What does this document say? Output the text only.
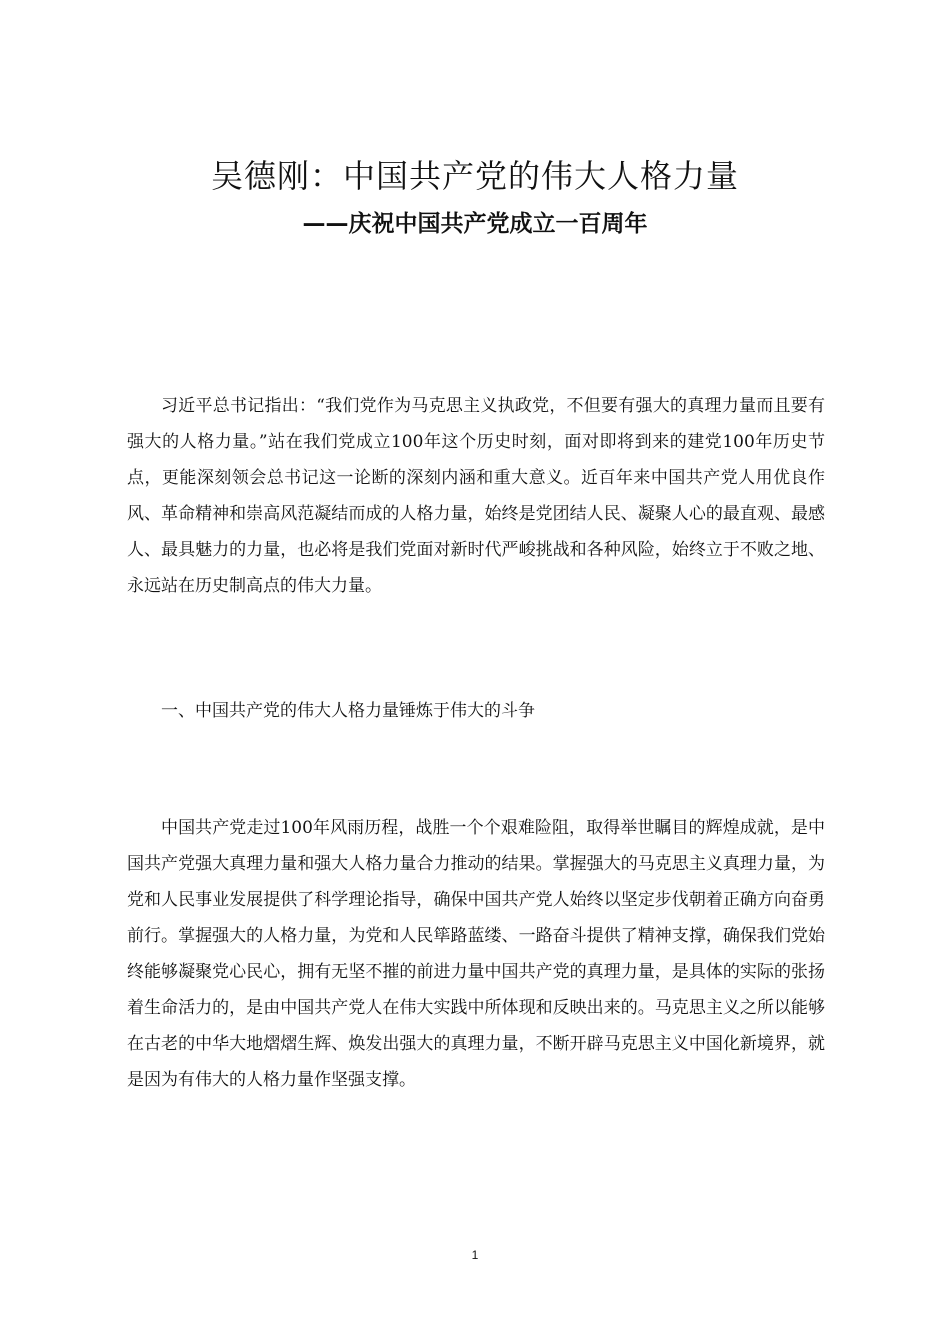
吴德刚：中国共产党的伟大人格力量
——庆祝中国共产党成立一百周年

习近平总书记指出：“我们党作为马克思主义执政党，不但要有强大的真理力量而且要有强大的人格力量。”站在我们党成立100年这个历史时刻，面对即将到来的建党100年历史节点，更能深刻领会总书记这一论断的深刻内涵和重大意义。近百年来中国共产党人用优良作风、革命精神和崇高风范凝结而成的人格力量，始终是党团结人民、凝聚人心的最直观、最感人、最具魅力的力量，也必将是我们党面对新时代严峻挑战和各种风险，始终立于不败之地、永远站在历史制高点的伟大力量。

一、中国共产党的伟大人格力量锤炼于伟大的斗争

中国共产党走过100年风雨历程，战胜一个个艰难险阻，取得举世瞩目的辉煌成就，是中国共产党强大真理力量和强大人格力量合力推动的结果。掌握强大的马克思主义真理力量，为党和人民事业发展提供了科学理论指导，确保中国共产党人始终以坚定步伐朝着正确方向奋勇前行。掌握强大的人格力量，为党和人民筚路蓝缕、一路奋斗提供了精神支撑，确保我们党始终能够凝聚党心民心，拥有无坚不摧的前进力量中国共产党的真理力量，是具体的实际的张扬着生命活力的，是由中国共产党人在伟大实践中所体现和反映出来的。马克思主义之所以能够在古老的中华大地熠熠生辉、焕发出强大的真理力量，不断开辟马克思主义中国化新境界，就是因为有伟大的人格力量作坚强支撑。

1
